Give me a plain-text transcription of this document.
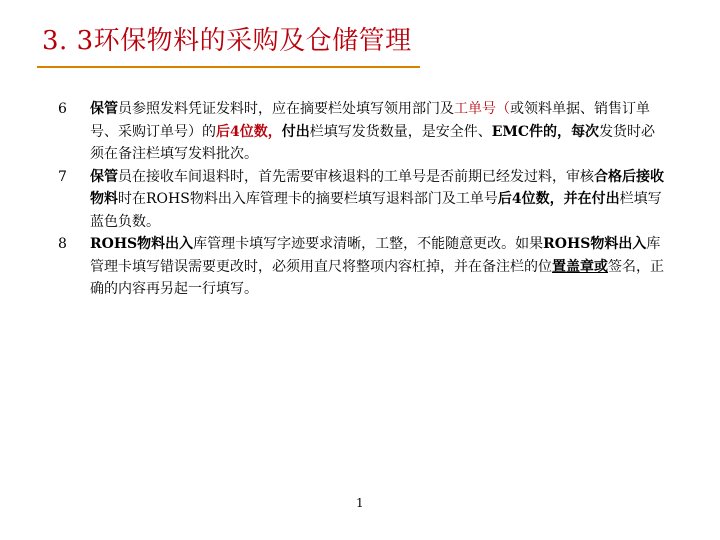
3. 3环保物料的采购及仓储管理

6 保管员参照发料凭证发料时，应在摘要栏处填写领用部门及工单号（或领料单据、销售订单号、采购订单号）的后4位数，付出栏填写发货数量，是安全件、EMC件的，每次发货时必须在备注栏填写发料批次。

7 保管员在接收车间退料时，首先需要审核退料的工单号是否前期已经发过料，审核合格后接收物料时在ROHS物料出入库管理卡的摘要栏填写退料部门及工单号后4位数，并在付出栏填写蓝色负数。

8 ROHS物料出入库管理卡填写字迹要求清晰，工整，不能随意更改。如果ROHS物料出入库管理卡填写错误需要更改时，必须用直尺将整项内容杠掉，并在备注栏的位置盖章或签名，正确的内容再另起一行填写。

1
